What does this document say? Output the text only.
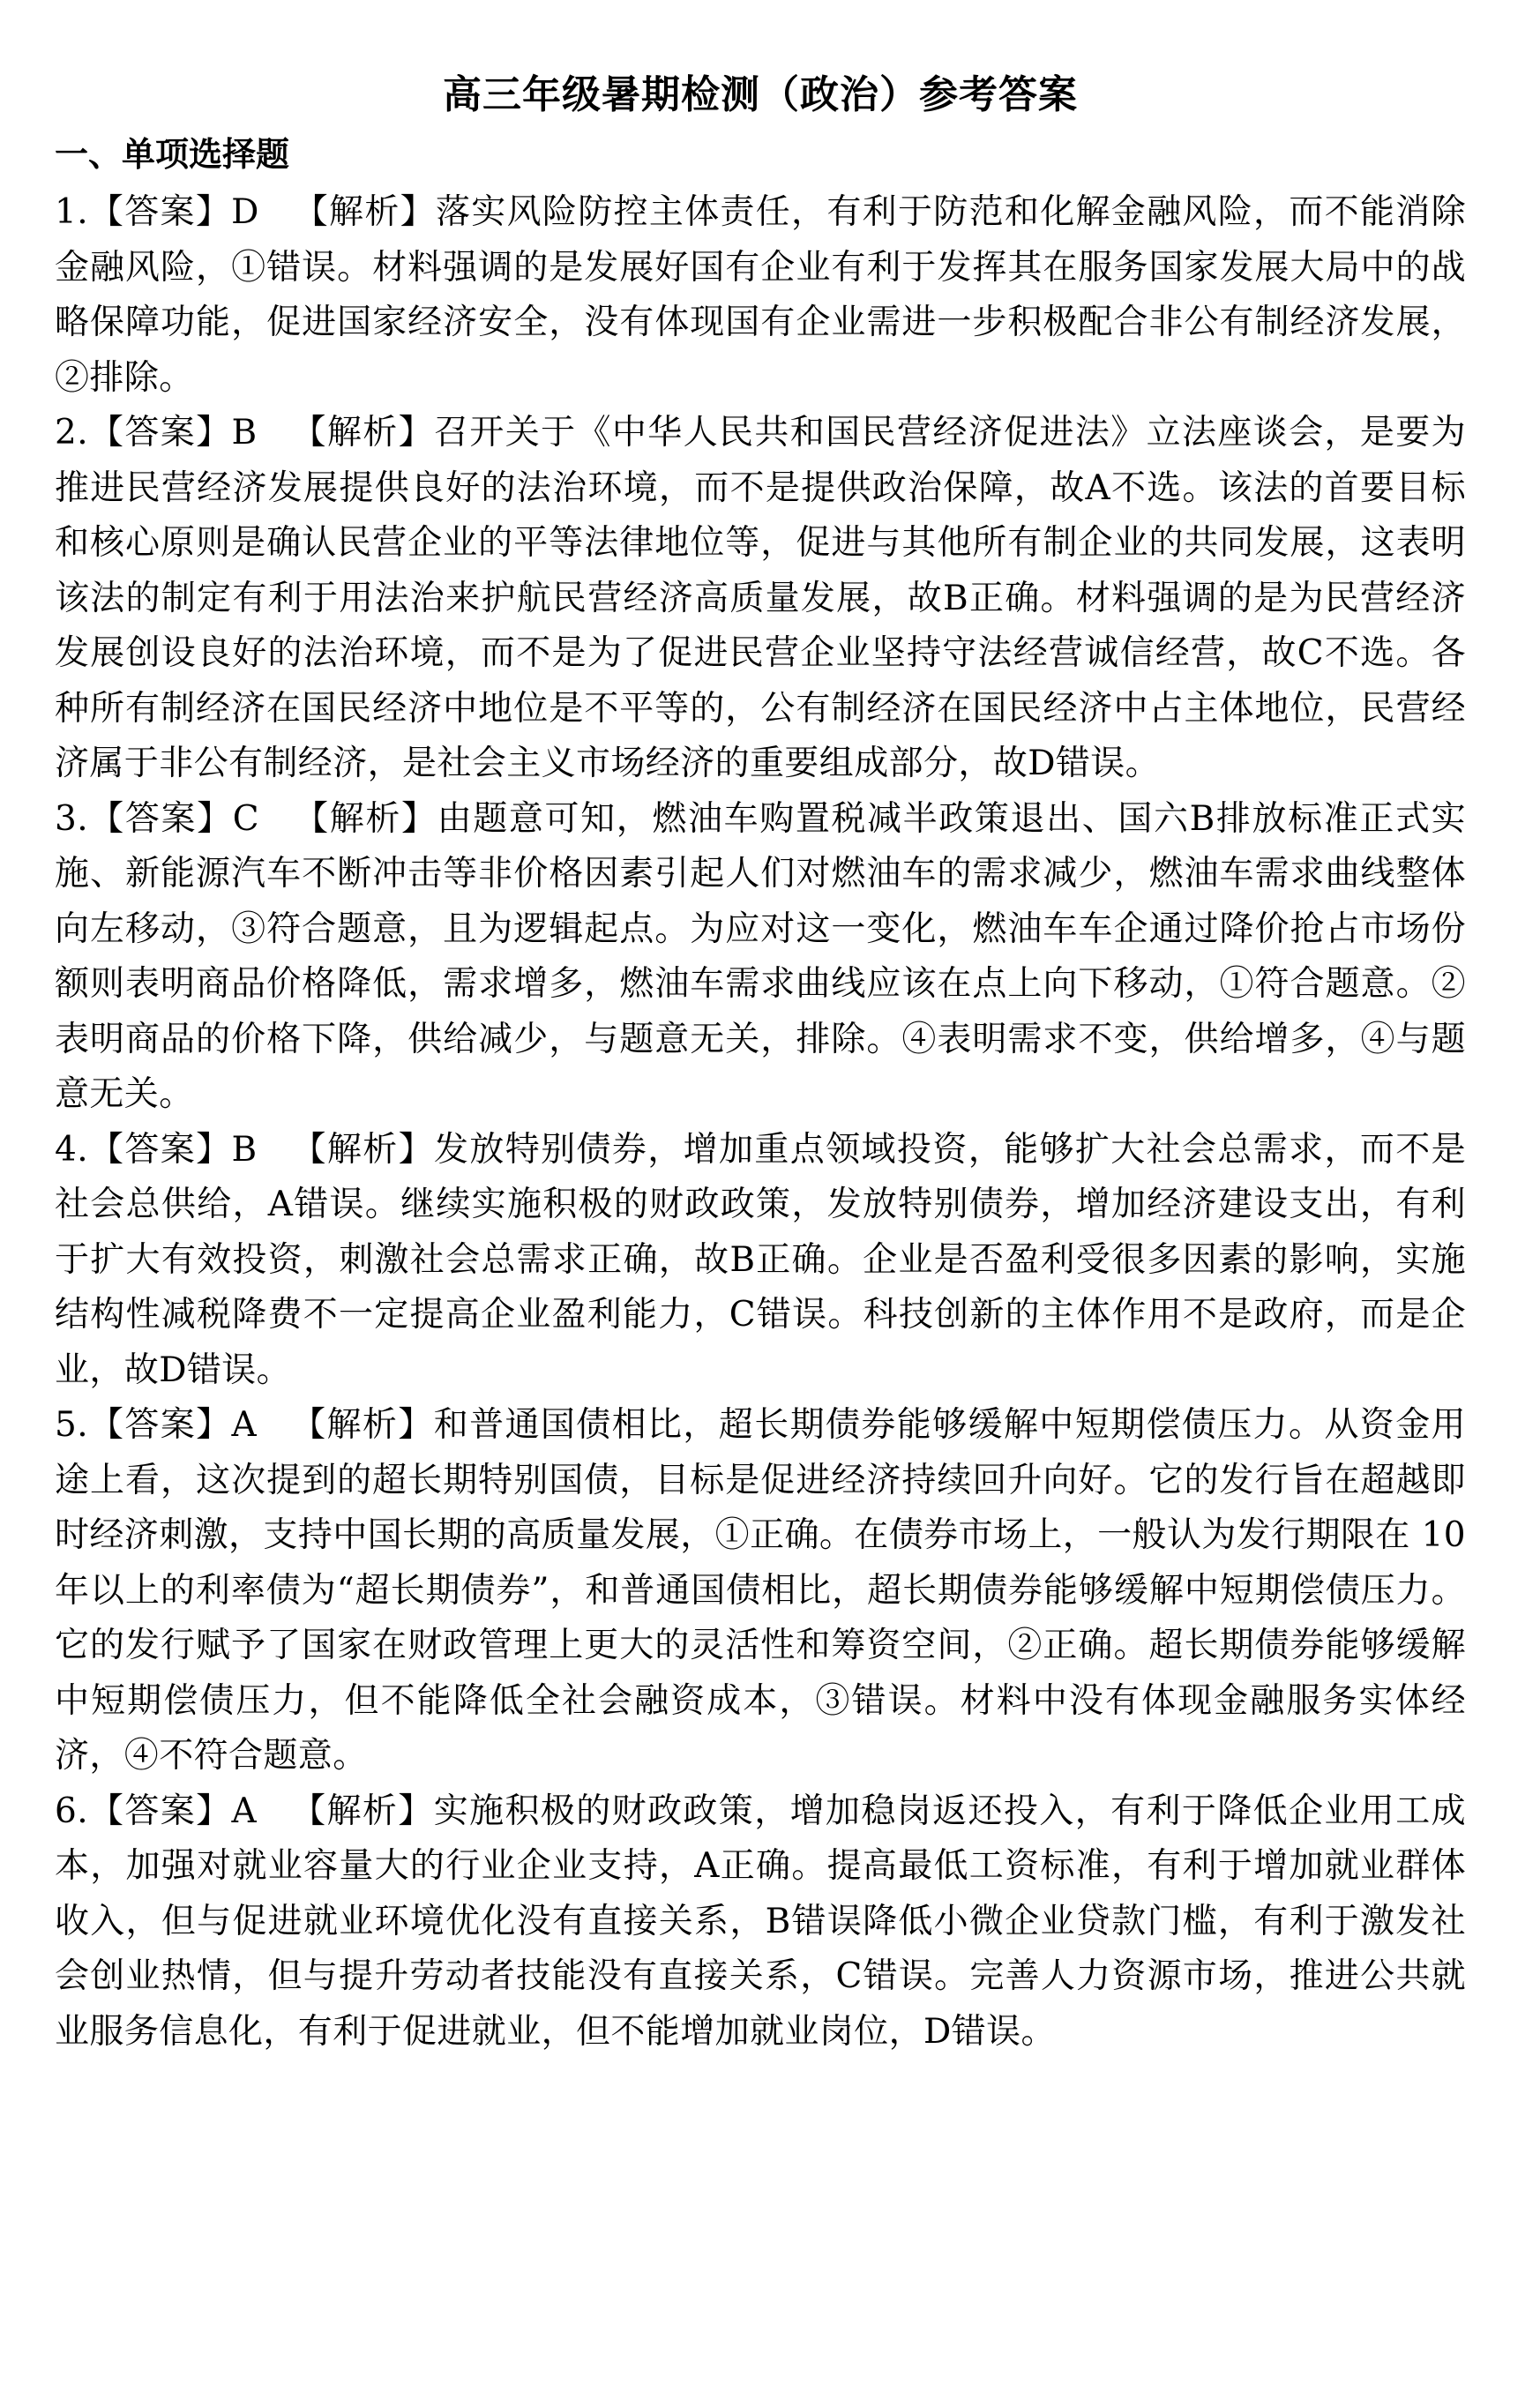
高三年级暑期检测（政治）参考答案
一、单项选择题

1.【答案】D 【解析】落实风险防控主体责任，有利于防范和化解金融风险，而不能消除金融风险，①错误。材料强调的是发展好国有企业有利于发挥其在服务国家发展大局中的战略保障功能，促进国家经济安全，没有体现国有企业需进一步积极配合非公有制经济发展，②排除。

2.【答案】B 【解析】召开关于《中华人民共和国民营经济促进法》立法座谈会，是要为推进民营经济发展提供良好的法治环境，而不是提供政治保障，故A不选。该法的首要目标和核心原则是确认民营企业的平等法律地位等，促进与其他所有制企业的共同发展，这表明该法的制定有利于用法治来护航民营经济高质量发展，故B正确。材料强调的是为民营经济发展创设良好的法治环境，而不是为了促进民营企业坚持守法经营诚信经营，故C不选。各种所有制经济在国民经济中地位是不平等的，公有制经济在国民经济中占主体地位，民营经济属于非公有制经济，是社会主义市场经济的重要组成部分，故D错误。

3.【答案】C 【解析】由题意可知，燃油车购置税减半政策退出、国六B排放标准正式实施、新能源汽车不断冲击等非价格因素引起人们对燃油车的需求减少，燃油车需求曲线整体向左移动，③符合题意，且为逻辑起点。为应对这一变化，燃油车车企通过降价抢占市场份额则表明商品价格降低，需求增多，燃油车需求曲线应该在点上向下移动，①符合题意。②表明商品的价格下降，供给减少，与题意无关，排除。④表明需求不变，供给增多，④与题意无关。

4.【答案】B 【解析】发放特别债券，增加重点领域投资，能够扩大社会总需求，而不是社会总供给，A错误。继续实施积极的财政政策，发放特别债券，增加经济建设支出，有利于扩大有效投资，刺激社会总需求正确，故B正确。企业是否盈利受很多因素的影响，实施结构性减税降费不一定提高企业盈利能力，C错误。科技创新的主体作用不是政府，而是企业，故D错误。

5.【答案】A 【解析】和普通国债相比，超长期债券能够缓解中短期偿债压力。从资金用途上看，这次提到的超长期特别国债，目标是促进经济持续回升向好。它的发行旨在超越即时经济刺激，支持中国长期的高质量发展，①正确。在债券市场上，一般认为发行期限在 10 年以上的利率债为“超长期债券”，和普通国债相比，超长期债券能够缓解中短期偿债压力。它的发行赋予了国家在财政管理上更大的灵活性和筹资空间，②正确。超长期债券能够缓解中短期偿债压力，但不能降低全社会融资成本，③错误。材料中没有体现金融服务实体经济，④不符合题意。

6.【答案】A 【解析】实施积极的财政政策，增加稳岗返还投入，有利于降低企业用工成本，加强对就业容量大的行业企业支持，A正确。提高最低工资标准，有利于增加就业群体收入，但与促进就业环境优化没有直接关系，B错误降低小微企业贷款门槛，有利于激发社会创业热情，但与提升劳动者技能没有直接关系，C错误。完善人力资源市场，推进公共就业服务信息化，有利于促进就业，但不能增加就业岗位，D错误。
